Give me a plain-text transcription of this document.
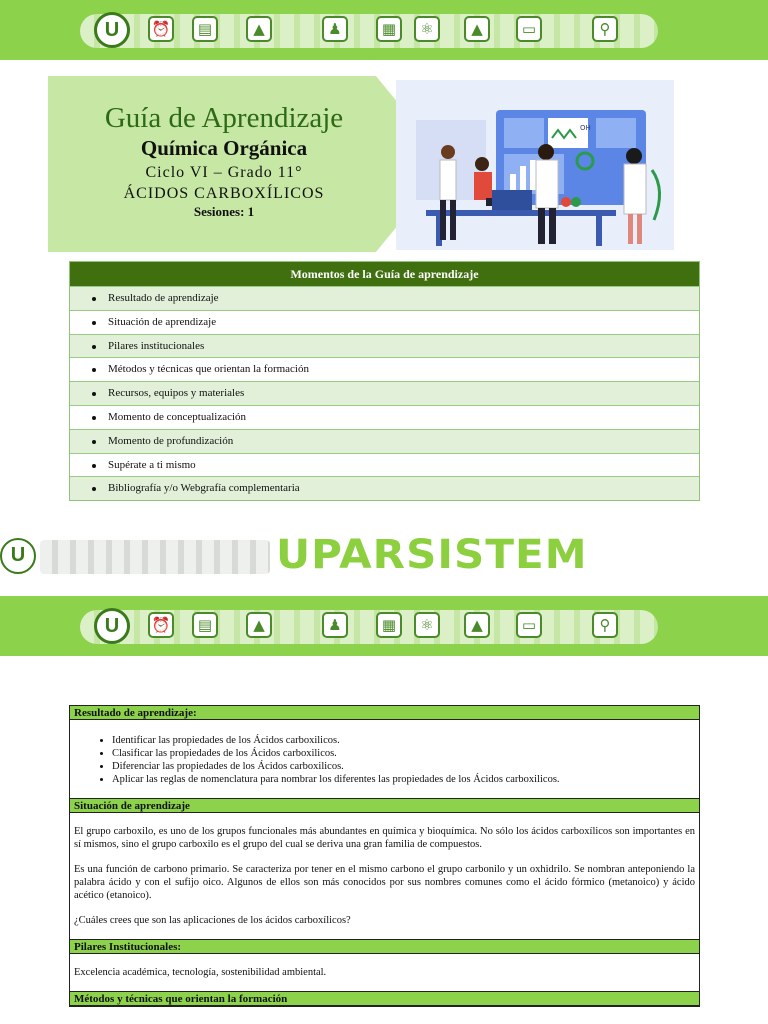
U	⏰	▤	▲	♟	▦	⚛	▲	▭	⚲
Guía de Aprendizaje
Química Orgánica
Ciclo VI – Grado 11°
ÁCIDOS CARBOXÍLICOS
Sesiones: 1
OH
Momentos de la Guía de aprendizaje
Resultado de aprendizaje
Situación de aprendizaje
Pilares institucionales
Métodos y técnicas que orientan la formación
Recursos, equipos y materiales
Momento de conceptualización
Momento de profundización
Supérate a ti mismo
Bibliografía y/o Webgrafía complementaria
U	UPARSISTEM
U	⏰	▤	▲	♟	▦	⚛	▲	▭	⚲
Resultado de aprendizaje:
• Identificar las propiedades de los Ácidos carboxilicos.
• Clasificar las propiedades de los Ácidos carboxilicos.
• Diferenciar las propiedades de los Ácidos carboxilicos.
• Aplicar las reglas de nomenclatura para nombrar los diferentes las propiedades de los Ácidos carboxilicos.
Situación de aprendizaje

El grupo carboxilo, es uno de los grupos funcionales más abundantes en química y bioquímica. No sólo los ácidos carboxílicos son importantes en sí mismos, sino el grupo carboxilo es el grupo del cual se deriva una gran familia de compuestos.

Es una función de carbono primario. Se caracteriza por tener en el mismo carbono el grupo carbonilo y un oxhidrilo. Se nombran anteponiendo la palabra ácido y con el sufijo oico. Algunos de ellos son más conocidos por sus nombres comunes como el ácido fórmico (metanoico) y ácido acético (etanoico).

¿Cuáles crees que son las aplicaciones de los ácidos carboxílicos?

Pilares Institucionales:

Excelencia académica, tecnología, sostenibilidad ambiental.

Métodos y técnicas que orientan la formación
